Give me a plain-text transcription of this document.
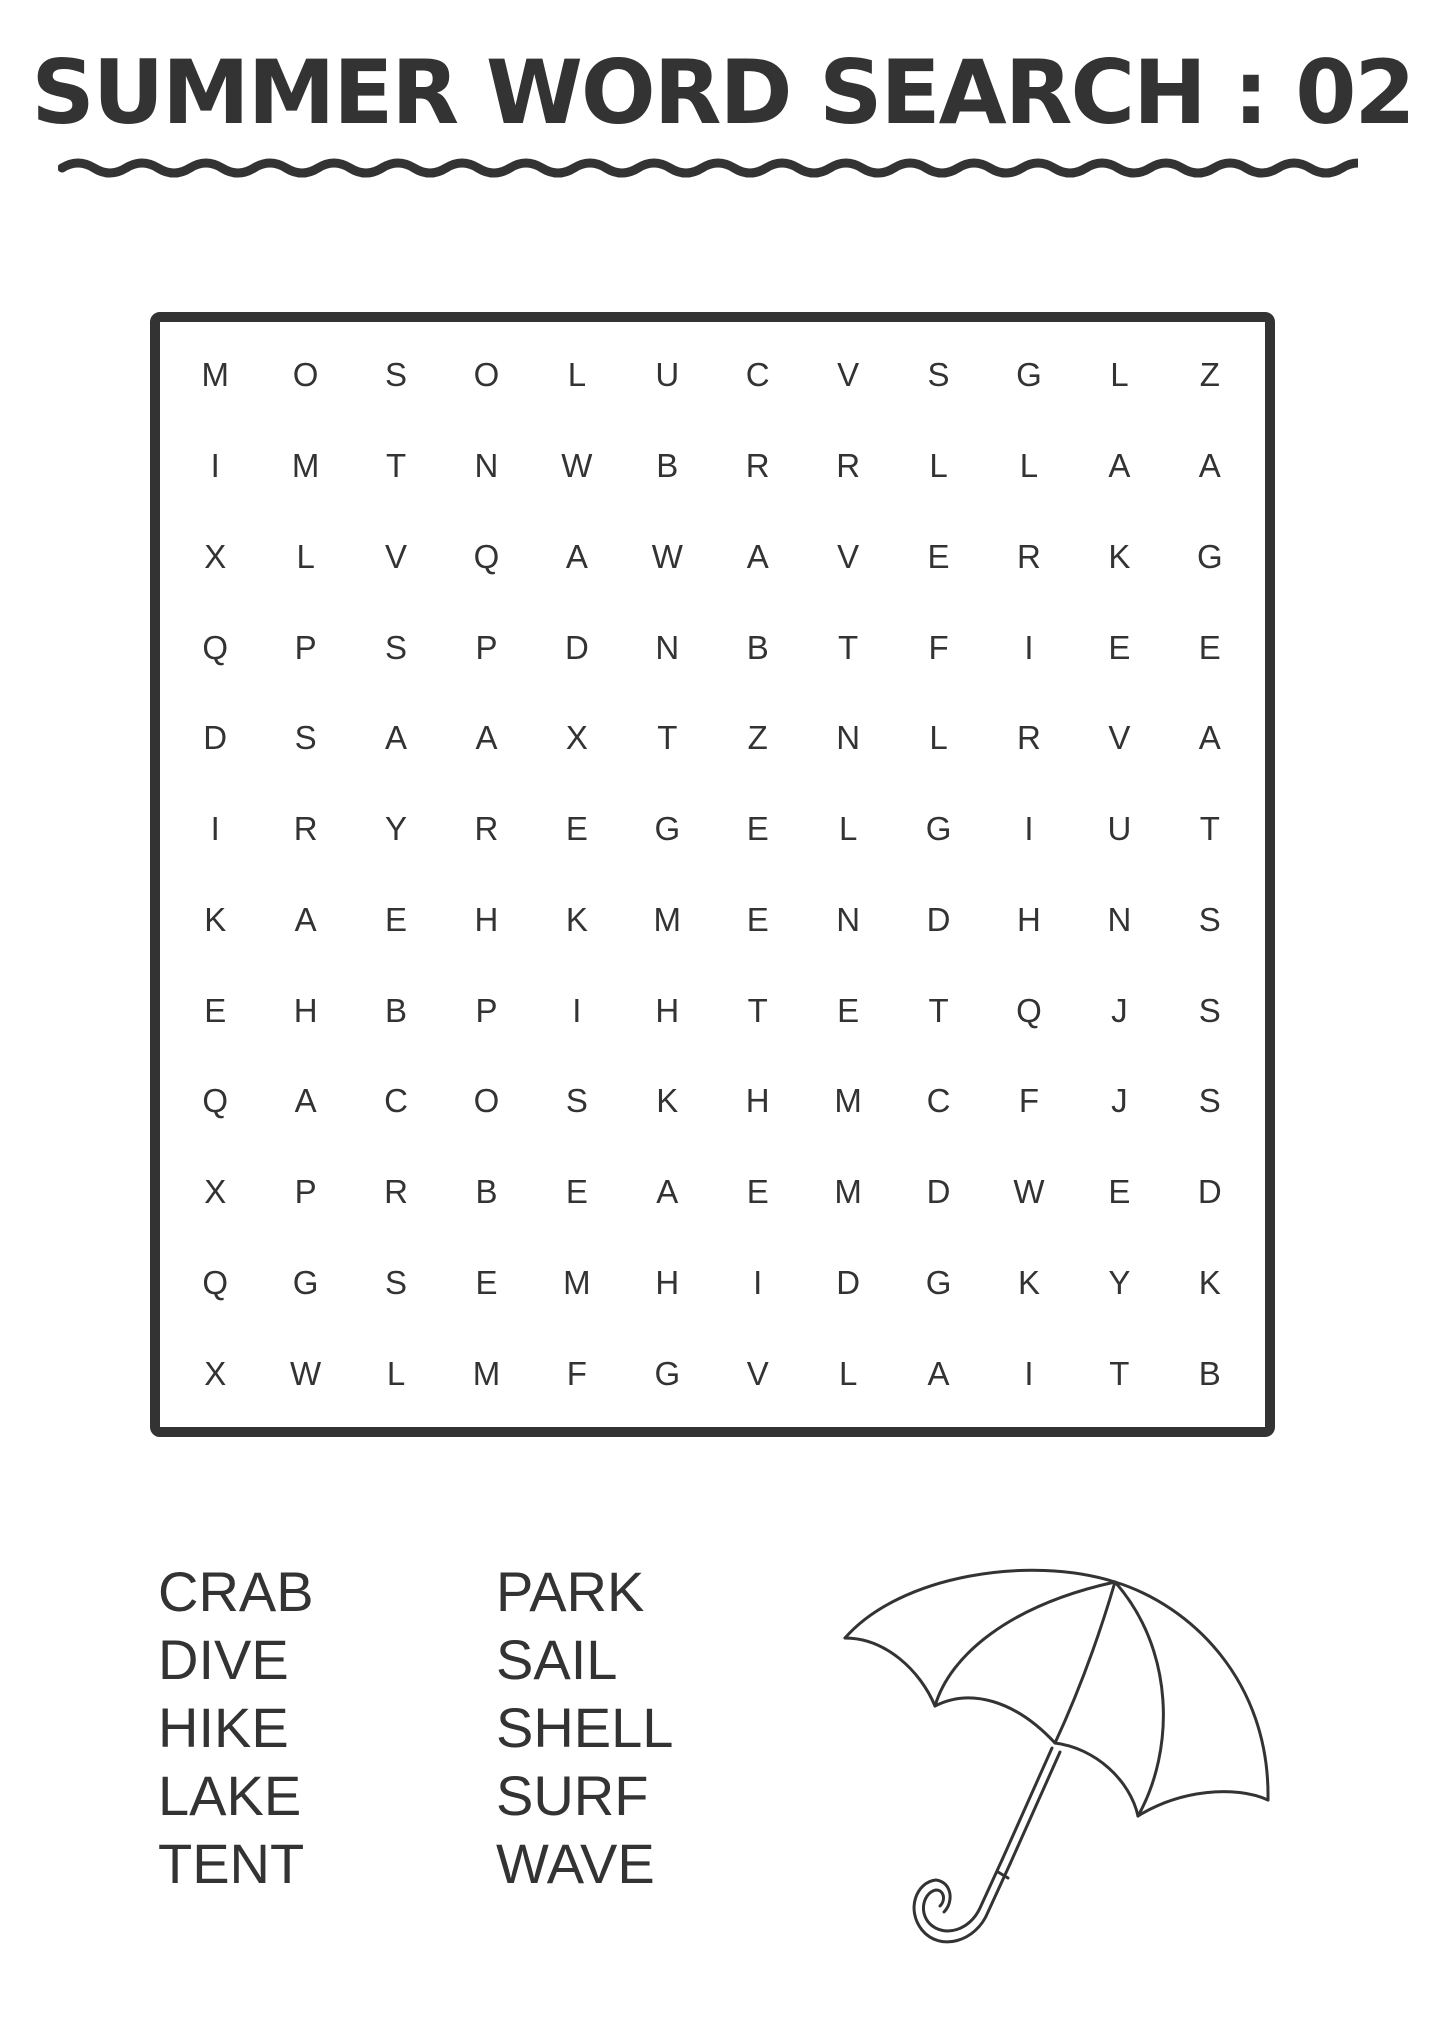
SUMMER WORD SEARCH : 02
M	O	S	O	L	U	C	V	S	G	L	Z
I	M	T	N	W	B	R	R	L	L	A	A
X	L	V	Q	A	W	A	V	E	R	K	G
Q	P	S	P	D	N	B	T	F	I	E	E
D	S	A	A	X	T	Z	N	L	R	V	A
I	R	Y	R	E	G	E	L	G	I	U	T
K	A	E	H	K	M	E	N	D	H	N	S
E	H	B	P	I	H	T	E	T	Q	J	S
Q	A	C	O	S	K	H	M	C	F	J	S
X	P	R	B	E	A	E	M	D	W	E	D
Q	G	S	E	M	H	I	D	G	K	Y	K
X	W	L	M	F	G	V	L	A	I	T	B
CRAB
DIVE
HIKE
LAKE
TENT
PARK
SAIL
SHELL
SURF
WAVE
